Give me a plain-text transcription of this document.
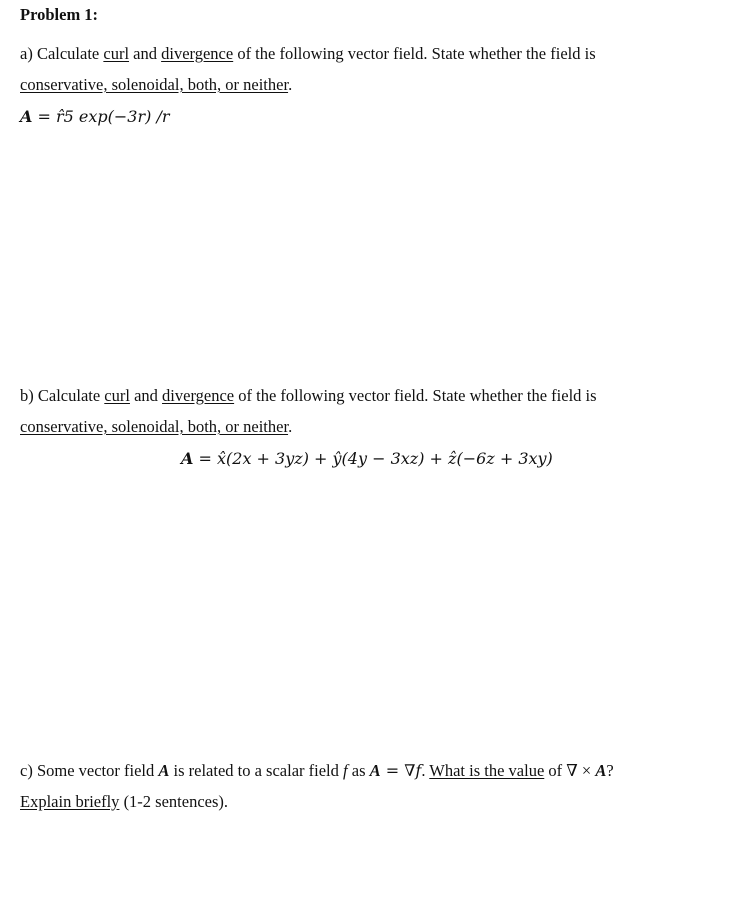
Problem 1:
a) Calculate curl and divergence of the following vector field. State whether the field is
conservative, solenoidal, both, or neither.
A = r̂5 exp(−3r) /r
b) Calculate curl and divergence of the following vector field. State whether the field is
conservative, solenoidal, both, or neither.
A = x̂(2x + 3yz) + ŷ(4y − 3xz) + ẑ(−6z + 3xy)
c) Some vector field A is related to a scalar field f as A = ∇f. What is the value of ∇ × A?
Explain briefly (1-2 sentences).
